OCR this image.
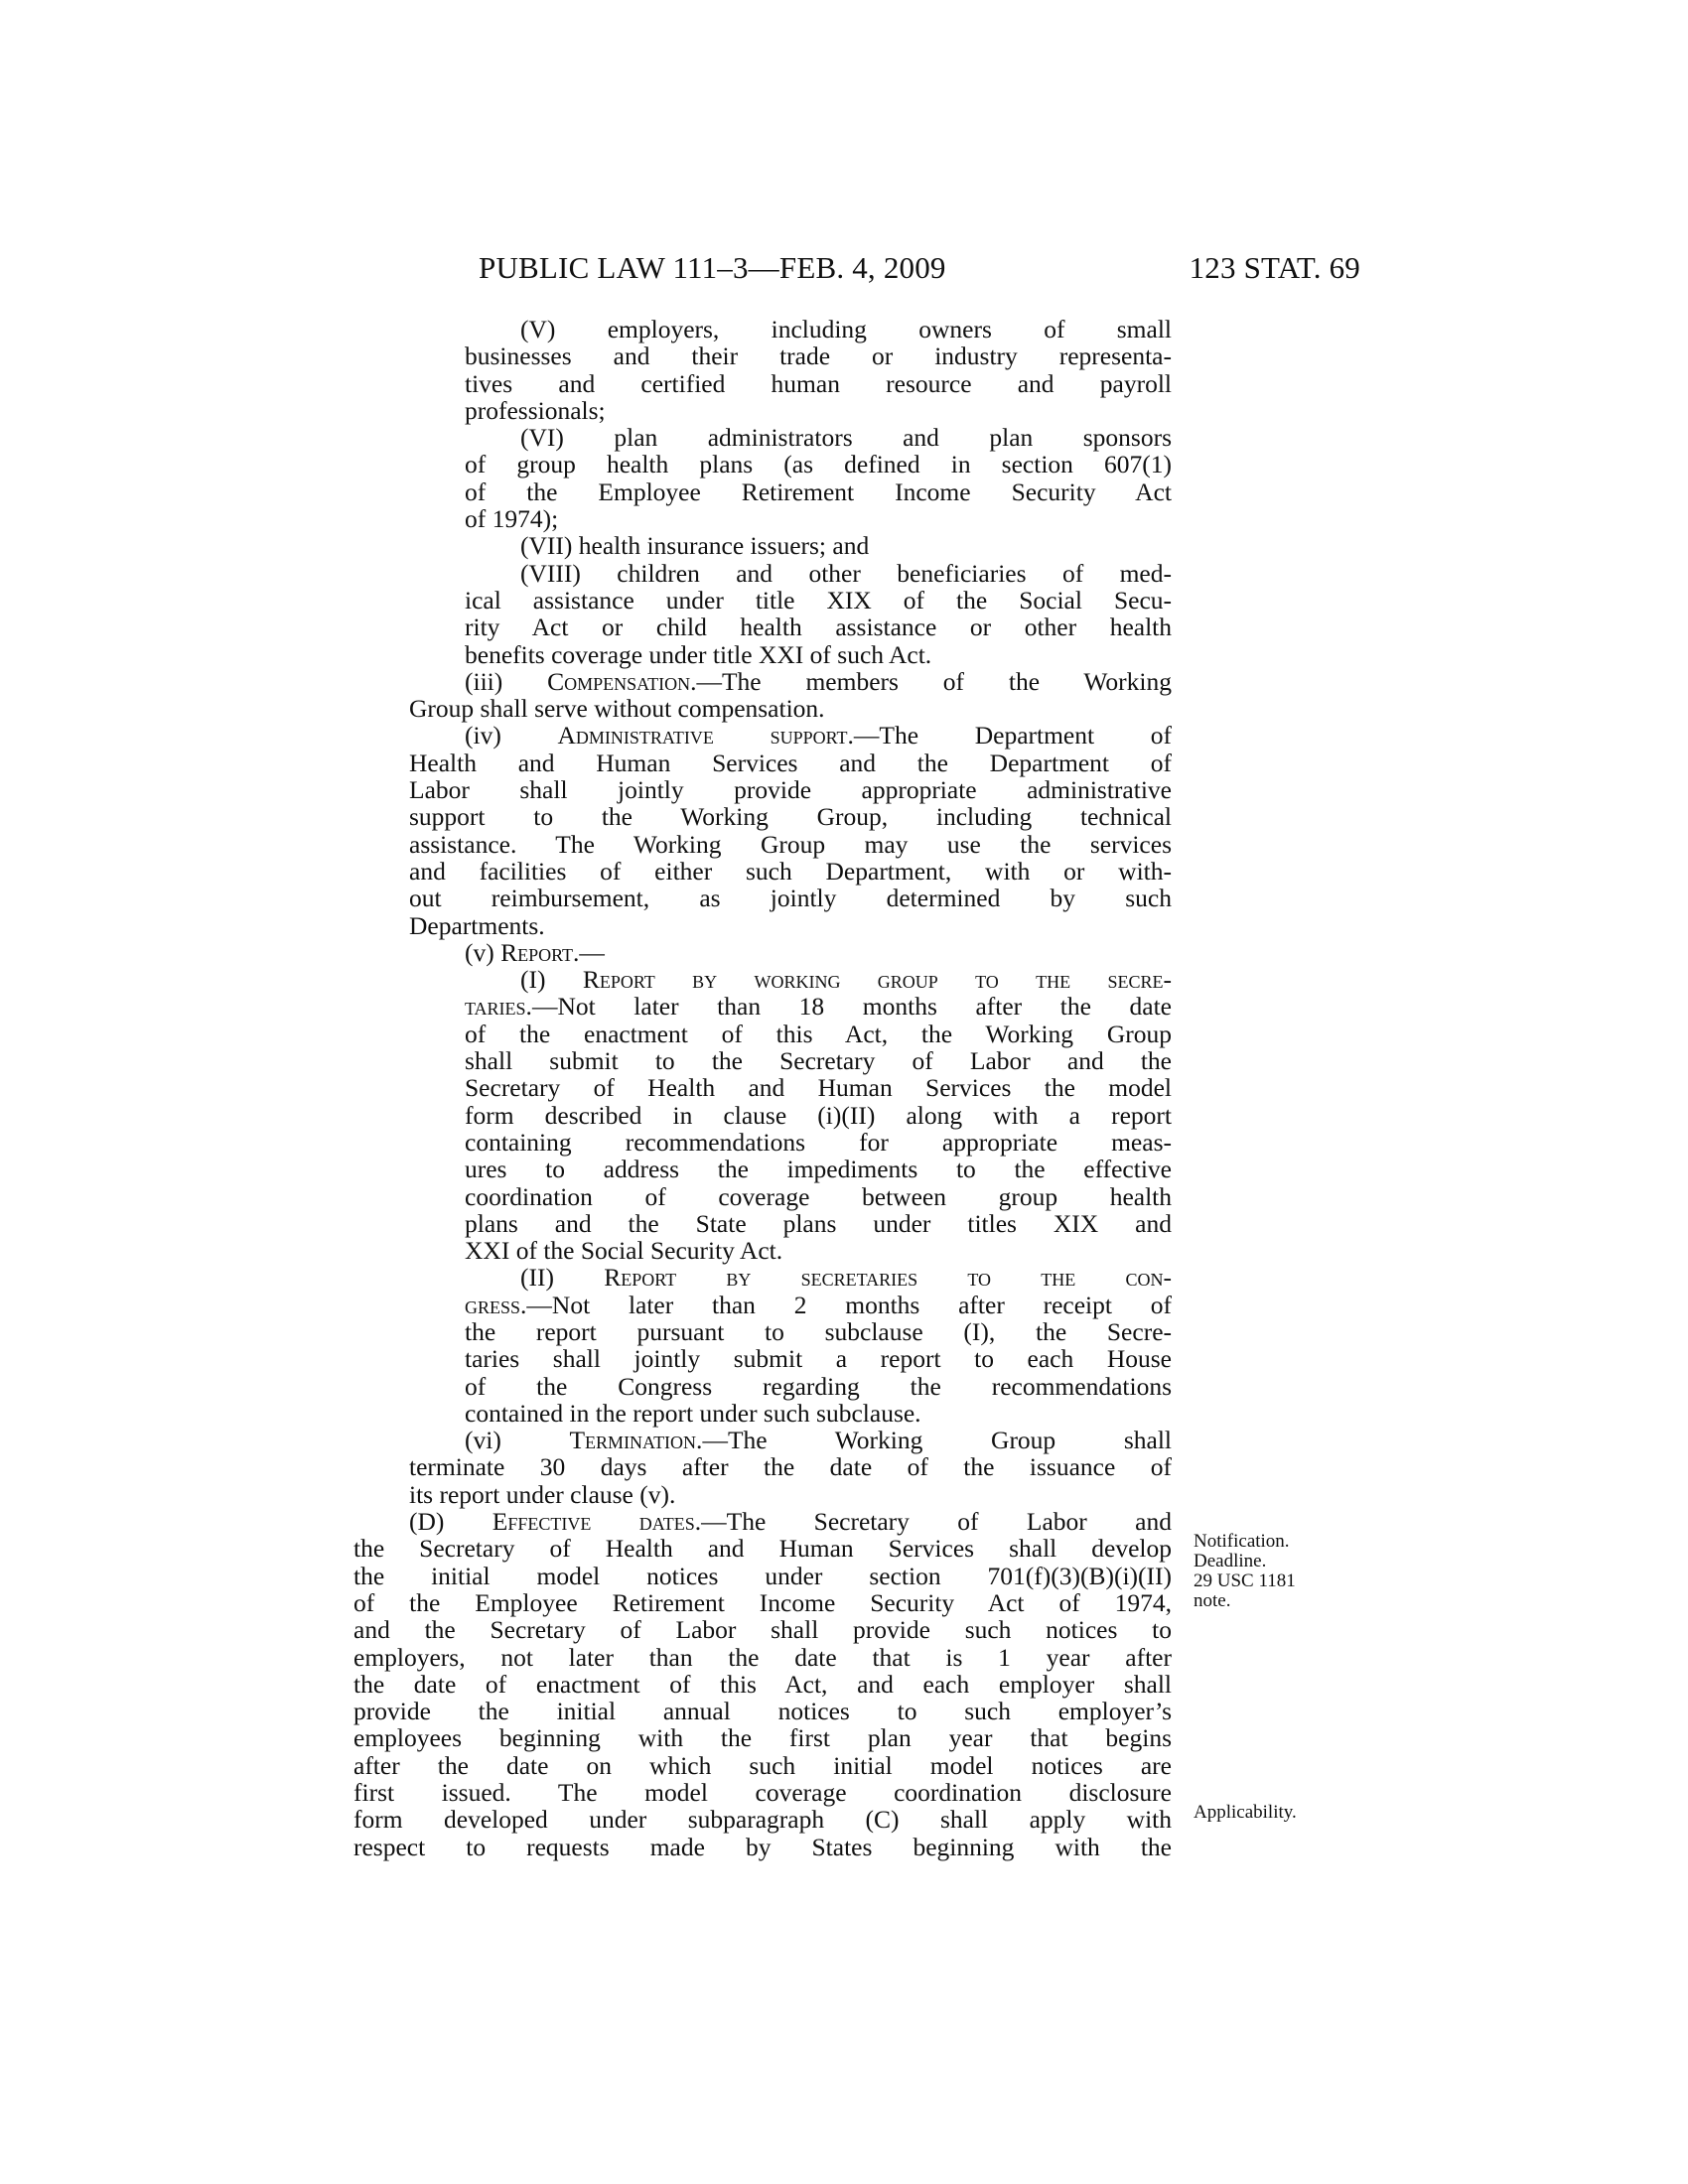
PUBLIC LAW 111–3—FEB. 4, 2009	123 STAT. 69

(V) employers, including owners of small

businesses and their trade or industry representa-

tives and certified human resource and payroll

professionals;

(VI) plan administrators and plan sponsors

of group health plans (as defined in section 607(1)

of the Employee Retirement Income Security Act

of 1974);

(VII) health insurance issuers; and

(VIII) children and other beneficiaries of med-

ical assistance under title XIX of the Social Secu-

rity Act or child health assistance or other health

benefits coverage under title XXI of such Act.

(iii) Compensation.—The members of the Working

Group shall serve without compensation.

(iv) Administrative support.—The Department of

Health and Human Services and the Department of

Labor shall jointly provide appropriate administrative

support to the Working Group, including technical

assistance. The Working Group may use the services

and facilities of either such Department, with or with-

out reimbursement, as jointly determined by such

Departments.

(v) Report.—

(I) Report by working group to the secre-

taries.—Not later than 18 months after the date

of the enactment of this Act, the Working Group

shall submit to the Secretary of Labor and the

Secretary of Health and Human Services the model

form described in clause (i)(II) along with a report

containing recommendations for appropriate meas-

ures to address the impediments to the effective

coordination of coverage between group health

plans and the State plans under titles XIX and

XXI of the Social Security Act.

(II) Report by secretaries to the con-

gress.—Not later than 2 months after receipt of

the report pursuant to subclause (I), the Secre-

taries shall jointly submit a report to each House

of the Congress regarding the recommendations

contained in the report under such subclause.

(vi) Termination.—The Working Group shall

terminate 30 days after the date of the issuance of

its report under clause (v).

(D) Effective dates.—The Secretary of Labor and

the Secretary of Health and Human Services shall develop

the initial model notices under section 701(f)(3)(B)(i)(II)

of the Employee Retirement Income Security Act of 1974,

and the Secretary of Labor shall provide such notices to

employers, not later than the date that is 1 year after

the date of enactment of this Act, and each employer shall

provide the initial annual notices to such employer’s

employees beginning with the first plan year that begins

after the date on which such initial model notices are

first issued. The model coverage coordination disclosure

form developed under subparagraph (C) shall apply with

respect to requests made by States beginning with the

Notification.
Deadline.
29 USC 1181
note.
Applicability.
